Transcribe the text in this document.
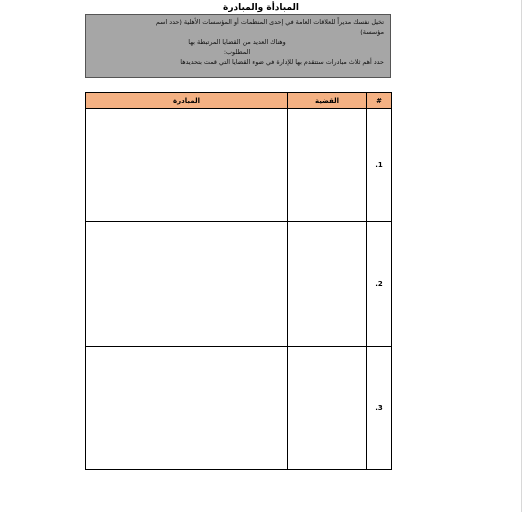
المبادأة والمبادرة

تخيل نفسك مديراً للعلاقات العامة في إحدى المنظمات أو المؤسسات الأهلية (حدد اسم

مؤسسة)

وهناك العديد من القضايا المرتبطة بها

المطلوب:

حدد أهم ثلاث مبادرات ستتقدم بها للإدارة في ضوء القضايا التي قمت بتحديدها

#	القضية	المبادرة
1.		
2.		
3.		
